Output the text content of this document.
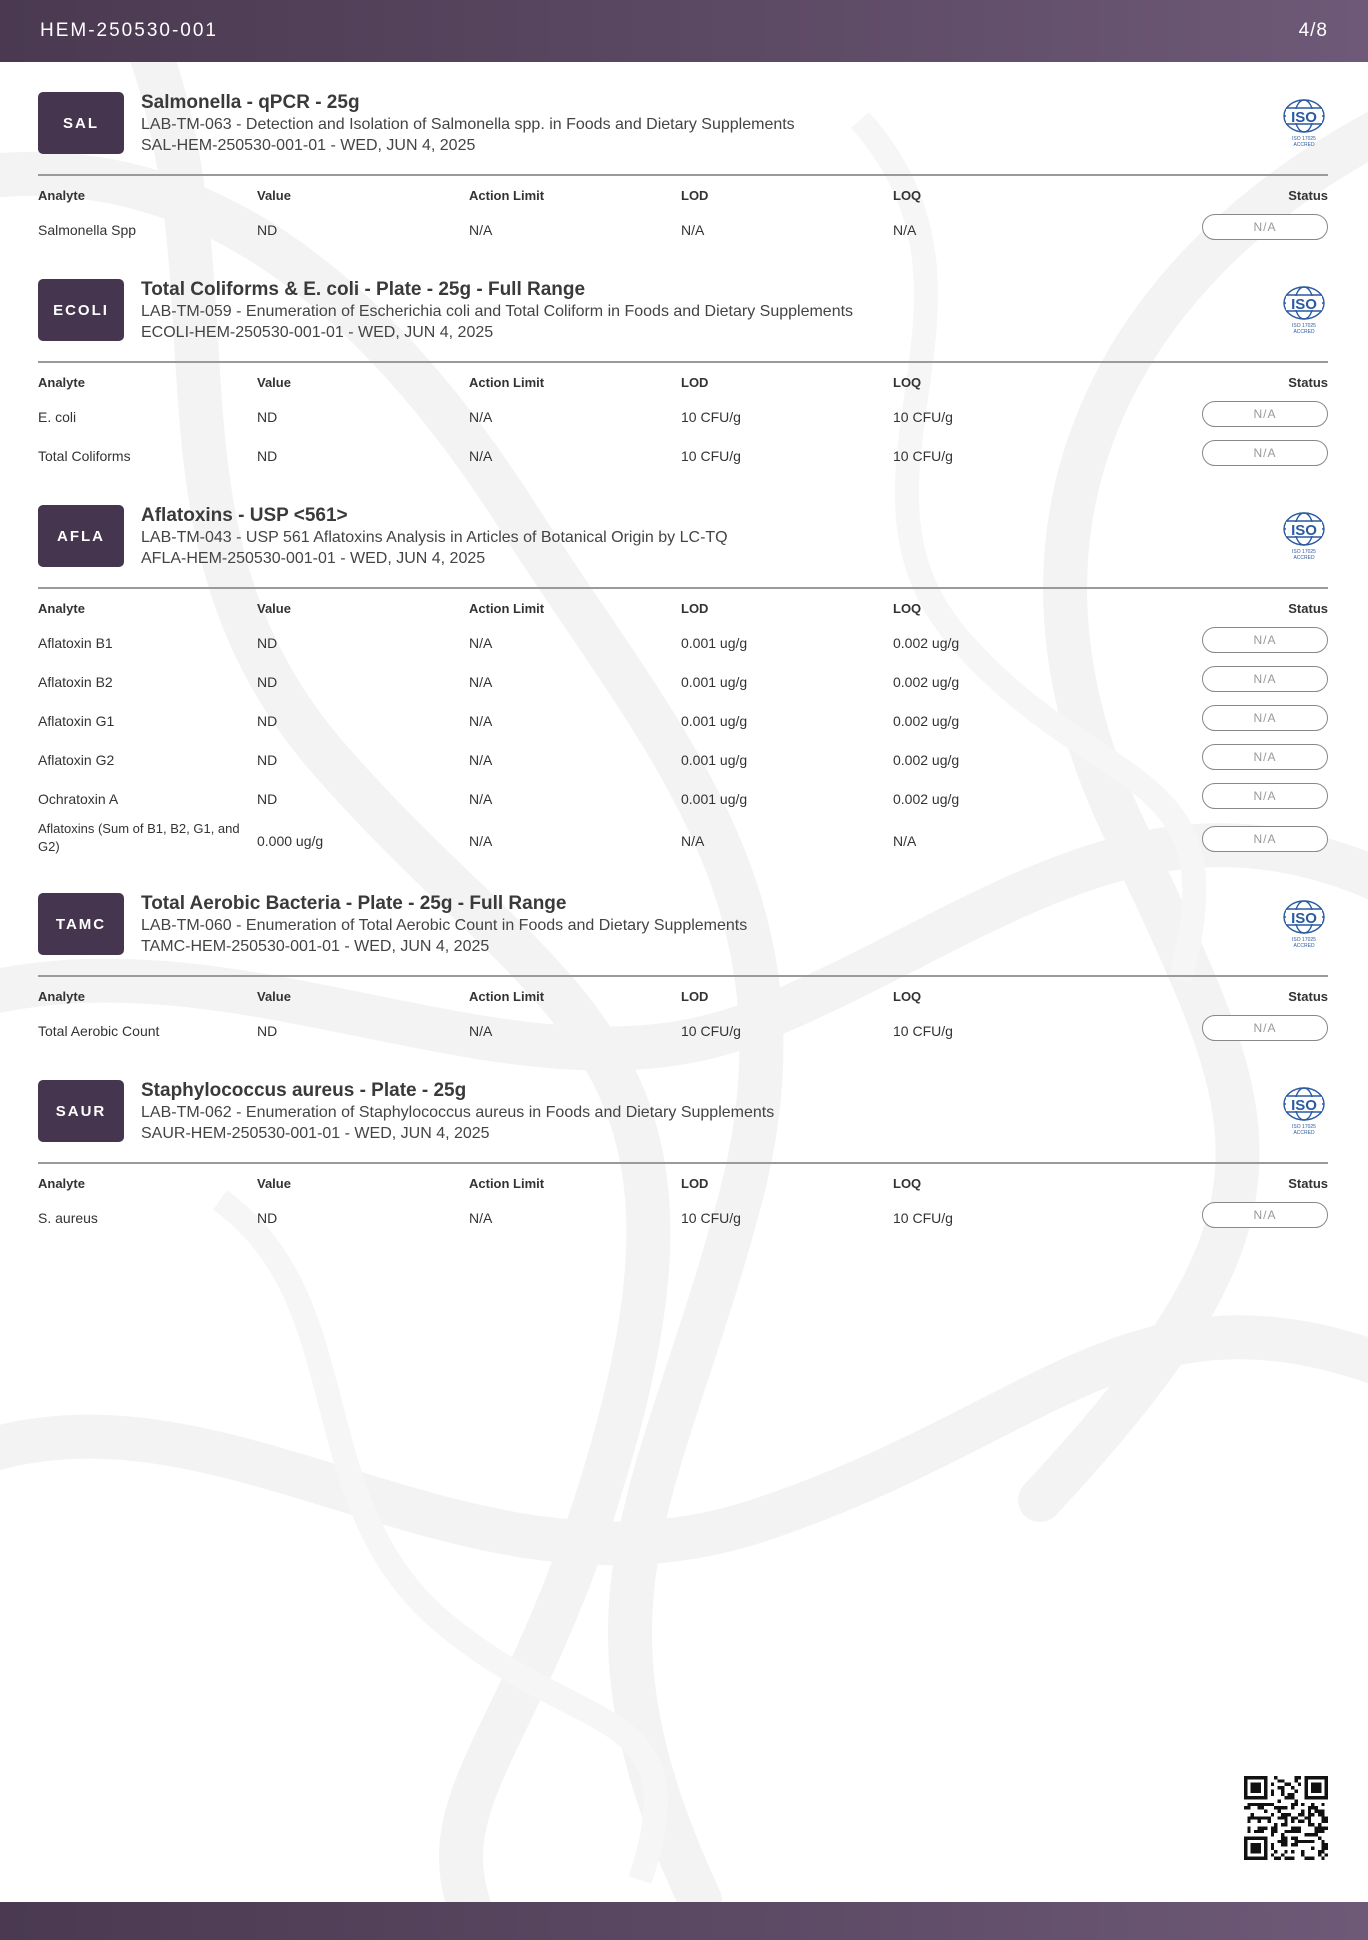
HEM-250530-001	4/8
SAL
Salmonella - qPCR - 25g
LAB-TM-063 - Detection and Isolation of Salmonella spp. in Foods and Dietary Supplements
SAL-HEM-250530-001-01 - WED, JUN 4, 2025
ISO
ISO 17025
ACCRED
Analyte	Value	Action Limit	LOD	LOQ	Status
Salmonella Spp	ND	N/A	N/A	N/A	N/A
ECOLI
Total Coliforms & E. coli - Plate - 25g - Full Range
LAB-TM-059 - Enumeration of Escherichia coli and Total Coliform in Foods and Dietary Supplements
ECOLI-HEM-250530-001-01 - WED, JUN 4, 2025
ISO
ISO 17025
ACCRED
Analyte	Value	Action Limit	LOD	LOQ	Status
E. coli	ND	N/A	10 CFU/g	10 CFU/g	N/A
Total Coliforms	ND	N/A	10 CFU/g	10 CFU/g	N/A
AFLA
Aflatoxins - USP <561>
LAB-TM-043 - USP 561 Aflatoxins Analysis in Articles of Botanical Origin by LC-TQ
AFLA-HEM-250530-001-01 - WED, JUN 4, 2025
ISO
ISO 17025
ACCRED
Analyte	Value	Action Limit	LOD	LOQ	Status
Aflatoxin B1	ND	N/A	0.001 ug/g	0.002 ug/g	N/A
Aflatoxin B2	ND	N/A	0.001 ug/g	0.002 ug/g	N/A
Aflatoxin G1	ND	N/A	0.001 ug/g	0.002 ug/g	N/A
Aflatoxin G2	ND	N/A	0.001 ug/g	0.002 ug/g	N/A
Ochratoxin A	ND	N/A	0.001 ug/g	0.002 ug/g	N/A
Aflatoxins (Sum of B1, B2, G1, and G2)	0.000 ug/g	N/A	N/A	N/A	N/A
TAMC
Total Aerobic Bacteria - Plate - 25g - Full Range
LAB-TM-060 - Enumeration of Total Aerobic Count in Foods and Dietary Supplements
TAMC-HEM-250530-001-01 - WED, JUN 4, 2025
ISO
ISO 17025
ACCRED
Analyte	Value	Action Limit	LOD	LOQ	Status
Total Aerobic Count	ND	N/A	10 CFU/g	10 CFU/g	N/A
SAUR
Staphylococcus aureus - Plate - 25g
LAB-TM-062 - Enumeration of Staphylococcus aureus in Foods and Dietary Supplements
SAUR-HEM-250530-001-01 - WED, JUN 4, 2025
ISO
ISO 17025
ACCRED
Analyte	Value	Action Limit	LOD	LOQ	Status
S. aureus	ND	N/A	10 CFU/g	10 CFU/g	N/A
